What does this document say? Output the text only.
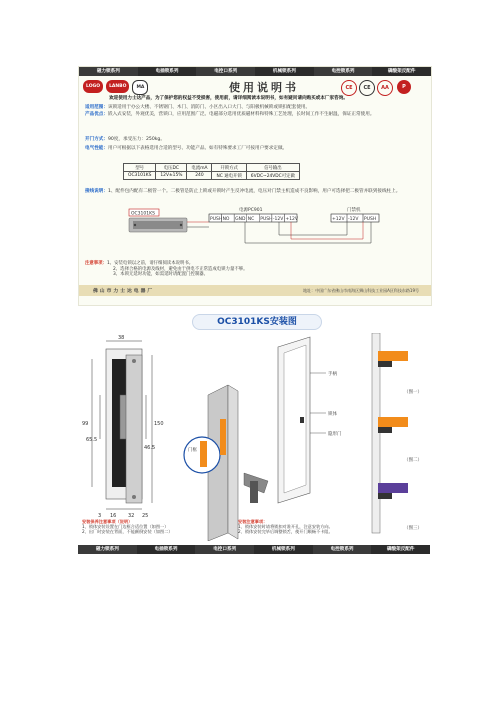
磁力锁系列	电插锁系列	电控口系列	机械锁系列	电控锁系列	磷酸架反配件
LOGO	LANBO	MA	使用说明书	CE	CE	AA	P
欢迎使用力士达产品，为了保护您的权益不受损害，使用前，请详细阅读本说明书，如有疑问请向购买或本厂家咨询。
适用范围：该锁适用于办公大楼、不锈钢门、木门、消防门、小区出入口大门、与阳极机械锁或锁扣配套使用。
产品优点：嵌入式安装，外观优美，营锁口，应用范围广泛。电磁部分选用优质磁材料和特殊工艺处理，长时间工作不生耐温，保证正常使用。
开门方式：90度，承受压力：250kg。
电气性能：用户可根据以下表格选用合适的型号、功能产品。如有特殊要求工厂可按用户要求定做。
型号	电压DC	电流mA	开锁方式	信号输出
OC3101KS	12V±15%	240	NC 通电开锁	6VDC~24VDC可定做
接线说明：1、配件包内配有二极管一个。二极管是防止上锁或开锁时产生反冲电流，电压对门禁主机造成不良影响，用户可选择把二极管并联到接线柱上。
OC3101KS
电源PC901
PUSH NO GND NC PUSH -12V +12V
门禁机
+12V -12V PUSH
注意事项：1、安装电锁以之前，请仔细阅读本说明书。
2、选择合格的电源及线材，避免由于供电不正常造成电锁力量不够。
3、本锁无延时功能，如需延时请配置门控制器。
佛山市力士达电器厂	地址：中国广东省佛山市南海区狮山科技工业园A区科技东路19号
OC3101KS安装图
38
99
65.5
150
46.5
16 32
3	25
门框
手柄
锁体
隐形门
（图一）
（图二）
（图三）
安装保养注意事项（说明）
1、锁体安装设置在门边框合适位置（如图一）
2、出厂时安装在背面，不能颠倒安装（如图二）
安装注意事项：
1、锁体安装时请将锁扣对准开孔，注意安装方向。
2、锁体安装完毕后调整锁舌，使开门顺畅不卡阻。
磁力锁系列	电插锁系列	电控口系列	机械锁系列	电控锁系列	磷酸架反配件
